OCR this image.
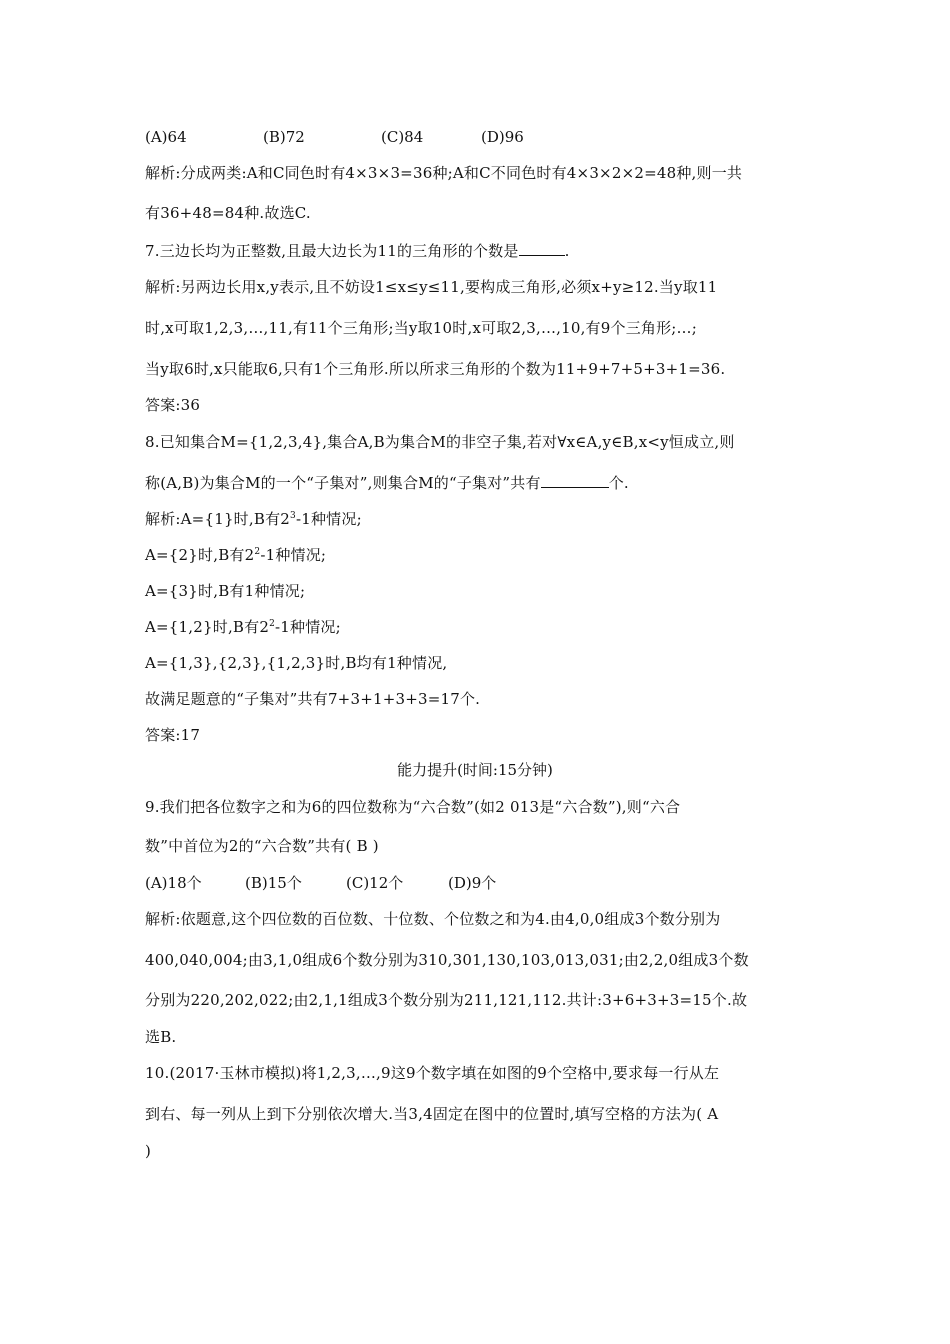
(A)64	(B)72	(C)84	(D)96
解析:分成两类:A和C同色时有4×3×3=36种;A和C不同色时有4×3×2×2=48种,则一共
有36+48=84种.故选C.
7.三边长均为正整数,且最大边长为11的三角形的个数是	.
解析:另两边长用x,y表示,且不妨设1≤x≤y≤11,要构成三角形,必须x+y≥12.当y取11
时,x可取1,2,3,…,11,有11个三角形;当y取10时,x可取2,3,…,10,有9个三角形;…;
当y取6时,x只能取6,只有1个三角形.所以所求三角形的个数为11+9+7+5+3+1=36.
答案:36
8.已知集合M={1,2,3,4},集合A,B为集合M的非空子集,若对∀x∈A,y∈B,x<y恒成立,则
称(A,B)为集合M的一个“子集对”,则集合M的“子集对”共有	个.
解析:A={1}时,B有$2^3-1$种情况;
A={2}时,B有$2^2-1$种情况;
A={3}时,B有1种情况;
A={1,2}时,B有$2^2-1$种情况;
A={1,3},{2,3},{1,2,3}时,B均有1种情况,
故满足题意的“子集对”共有7+3+1+3+3=17个.
答案:17
能力提升(时间:15分钟)
9.我们把各位数字之和为6的四位数称为“六合数”(如2 013是“六合数”),则“六合
数”中首位为2的“六合数”共有( B )
(A)18个	(B)15个	(C)12个	(D)9个
解析:依题意,这个四位数的百位数、十位数、个位数之和为4.由4,0,0组成3个数分别为
400,040,004;由3,1,0组成6个数分别为310,301,130,103,013,031;由2,2,0组成3个数
分别为220,202,022;由2,1,1组成3个数分别为211,121,112.共计:3+6+3+3=15个.故
选B.
10.(2017·玉林市模拟)将1,2,3,…,9这9个数字填在如图的9个空格中,要求每一行从左
到右、每一列从上到下分别依次增大.当3,4固定在图中的位置时,填写空格的方法为( A
)
